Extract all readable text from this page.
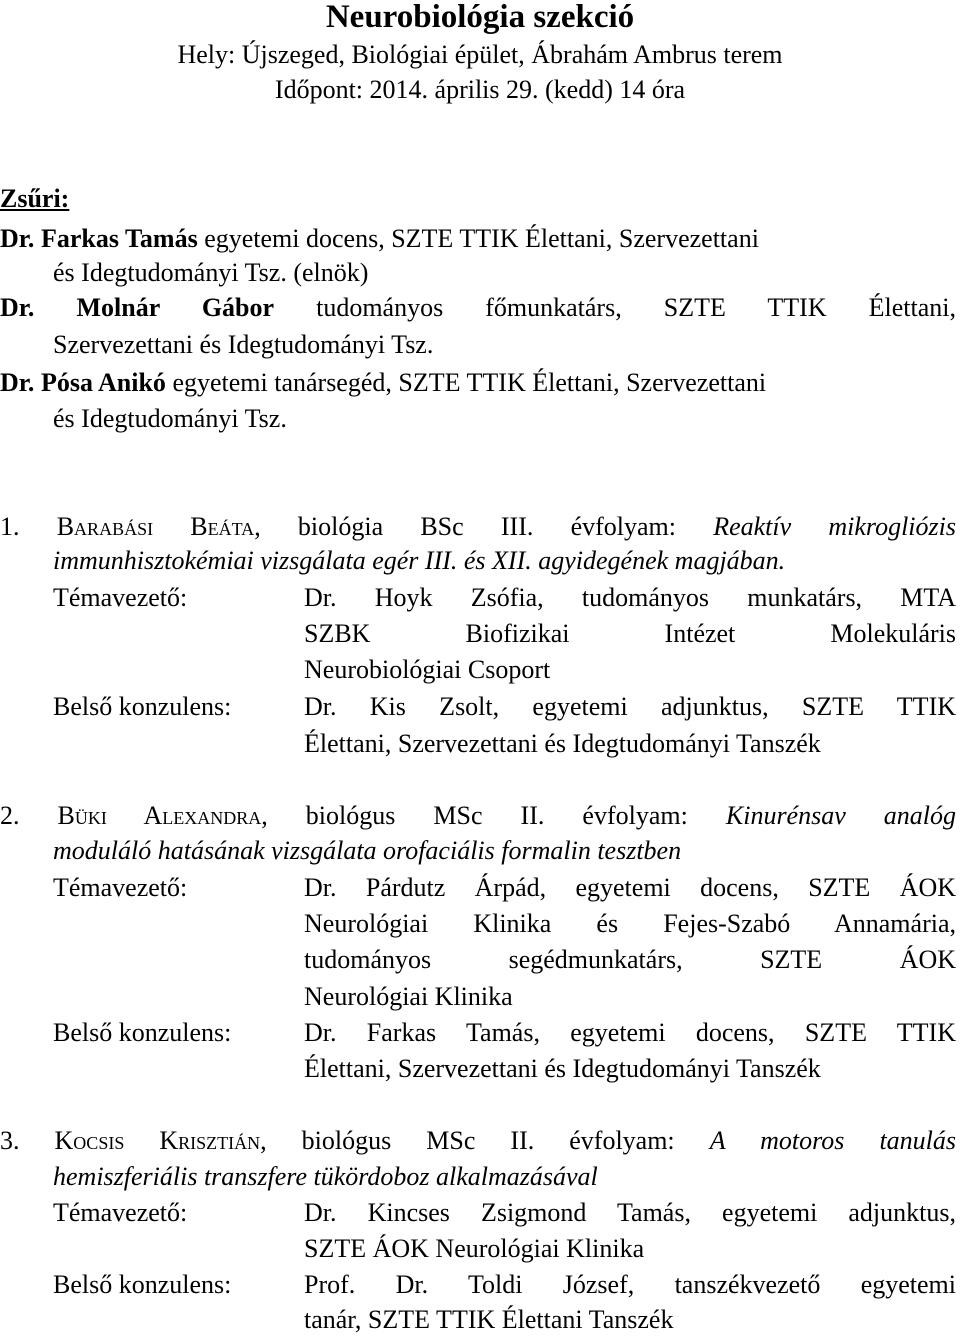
Neurobiológia szekció
Hely: Újszeged, Biológiai épület, Ábrahám Ambrus terem
Időpont: 2014. április 29. (kedd) 14 óra
Zsűri:
Dr. Farkas Tamás egyetemi docens, SZTE TTIK Élettani, Szervezettani
és Idegtudományi Tsz. (elnök)
Dr. Molnár Gábor tudományos főmunkatárs, SZTE TTIK Élettani,
Szervezettani és Idegtudományi Tsz.
Dr. Pósa Anikó egyetemi tanársegéd, SZTE TTIK Élettani, Szervezettani
és Idegtudományi Tsz.
1. Barabási Beáta, biológia BSc III. évfolyam: Reaktív mikrogliózis
immunhisztokémiai vizsgálata egér III. és XII. agyidegének magjában.
Témavezető:	Dr. Hoyk Zsófia, tudományos munkatárs, MTA
SZBK Biofizikai Intézet Molekuláris
Neurobiológiai Csoport
Belső konzulens:	Dr. Kis Zsolt, egyetemi adjunktus, SZTE TTIK
Élettani, Szervezettani és Idegtudományi Tanszék
2. Büki Alexandra, biológus MSc II. évfolyam: Kinurénsav analóg
moduláló hatásának vizsgálata orofaciális formalin tesztben
Témavezető:	Dr. Párdutz Árpád, egyetemi docens, SZTE ÁOK
Neurológiai Klinika és Fejes-Szabó Annamária,
tudományos segédmunkatárs, SZTE ÁOK
Neurológiai Klinika
Belső konzulens:	Dr. Farkas Tamás, egyetemi docens, SZTE TTIK
Élettani, Szervezettani és Idegtudományi Tanszék
3. Kocsis Krisztián, biológus MSc II. évfolyam: A motoros tanulás
hemiszferiális transzfere tükördoboz alkalmazásával
Témavezető:	Dr. Kincses Zsigmond Tamás, egyetemi adjunktus,
SZTE ÁOK Neurológiai Klinika
Belső konzulens:	Prof. Dr. Toldi József, tanszékvezető egyetemi
tanár, SZTE TTIK Élettani Tanszék
